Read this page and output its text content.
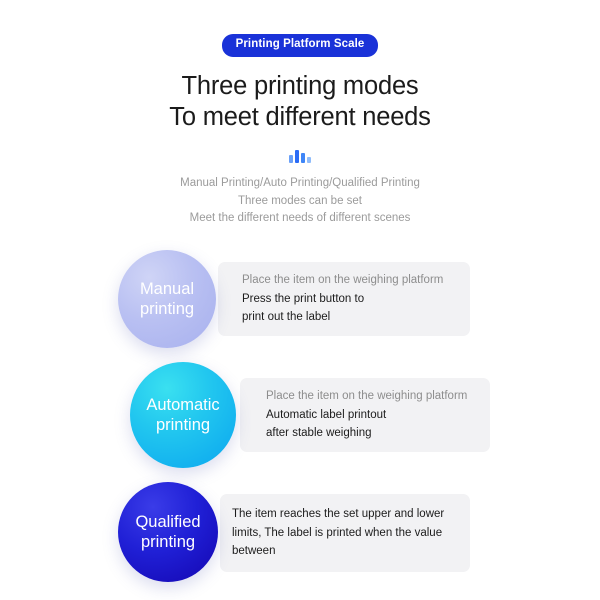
Printing Platform Scale
Three printing modes
To meet different needs
Manual Printing/Auto Printing/Qualified Printing
Three modes can be set
Meet the different needs of different scenes
Place the item on the weighing platform
Press the print button to
print out the label
Manual
printing
Place the item on the weighing platform
Automatic label printout
after stable weighing
Automatic
printing
The item reaches the set upper and lower
limits, The label is printed when the value
between
Qualified
printing
